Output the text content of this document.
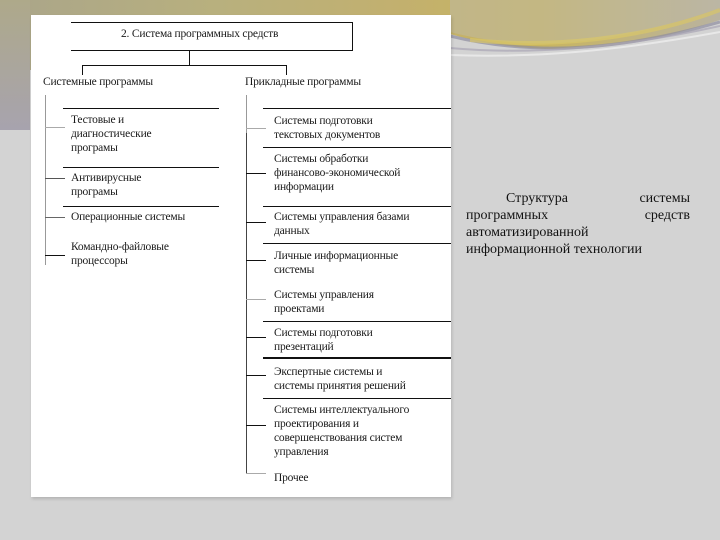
2. Система программных средств
Системные программы	Прикладные программы
Тестовые и
диагностические
програмы
Антивирусные
програмы
Операционные системы
Командно-файловые
процессоры
Системы подготовки
текстовых документов
Системы обработки
финансово-экономической
информации
Системы управления базами
данных
Личные информационные
системы
Системы управления
проектами
Системы подготовки
презентаций
Экспертные системы и
системы принятия решений
Системы интеллектуального
проектирования и
совершенствования систем
управления
Прочее
Структура	системы
программных	средств
автоматизированной
информационной технологии
